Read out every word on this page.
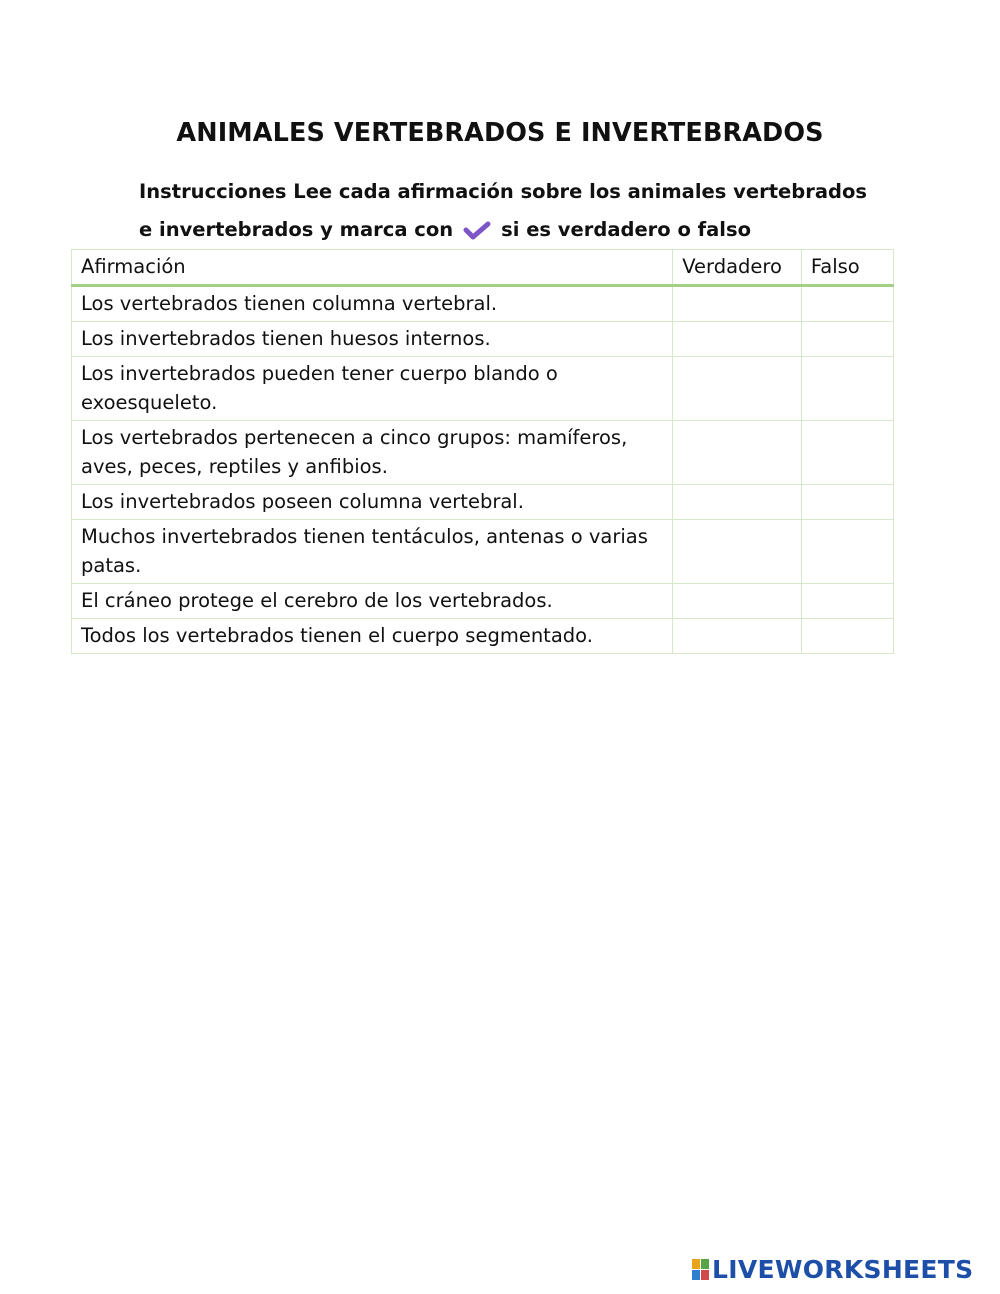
ANIMALES VERTEBRADOS E INVERTEBRADOS
Instrucciones Lee cada afirmación sobre los animales vertebrados
e invertebrados y marca con si es verdadero o falso
Afirmación	Verdadero	Falso
Los vertebrados tienen columna vertebral.		
Los invertebrados tienen huesos internos.		
Los invertebrados pueden tener cuerpo blando o exoesqueleto.		
Los vertebrados pertenecen a cinco grupos: mamíferos, aves, peces, reptiles y anfibios.		
Los invertebrados poseen columna vertebral.		
Muchos invertebrados tienen tentáculos, antenas o varias patas.		
El cráneo protege el cerebro de los vertebrados.		
Todos los vertebrados tienen el cuerpo segmentado.		
LIVEWORKSHEETS
